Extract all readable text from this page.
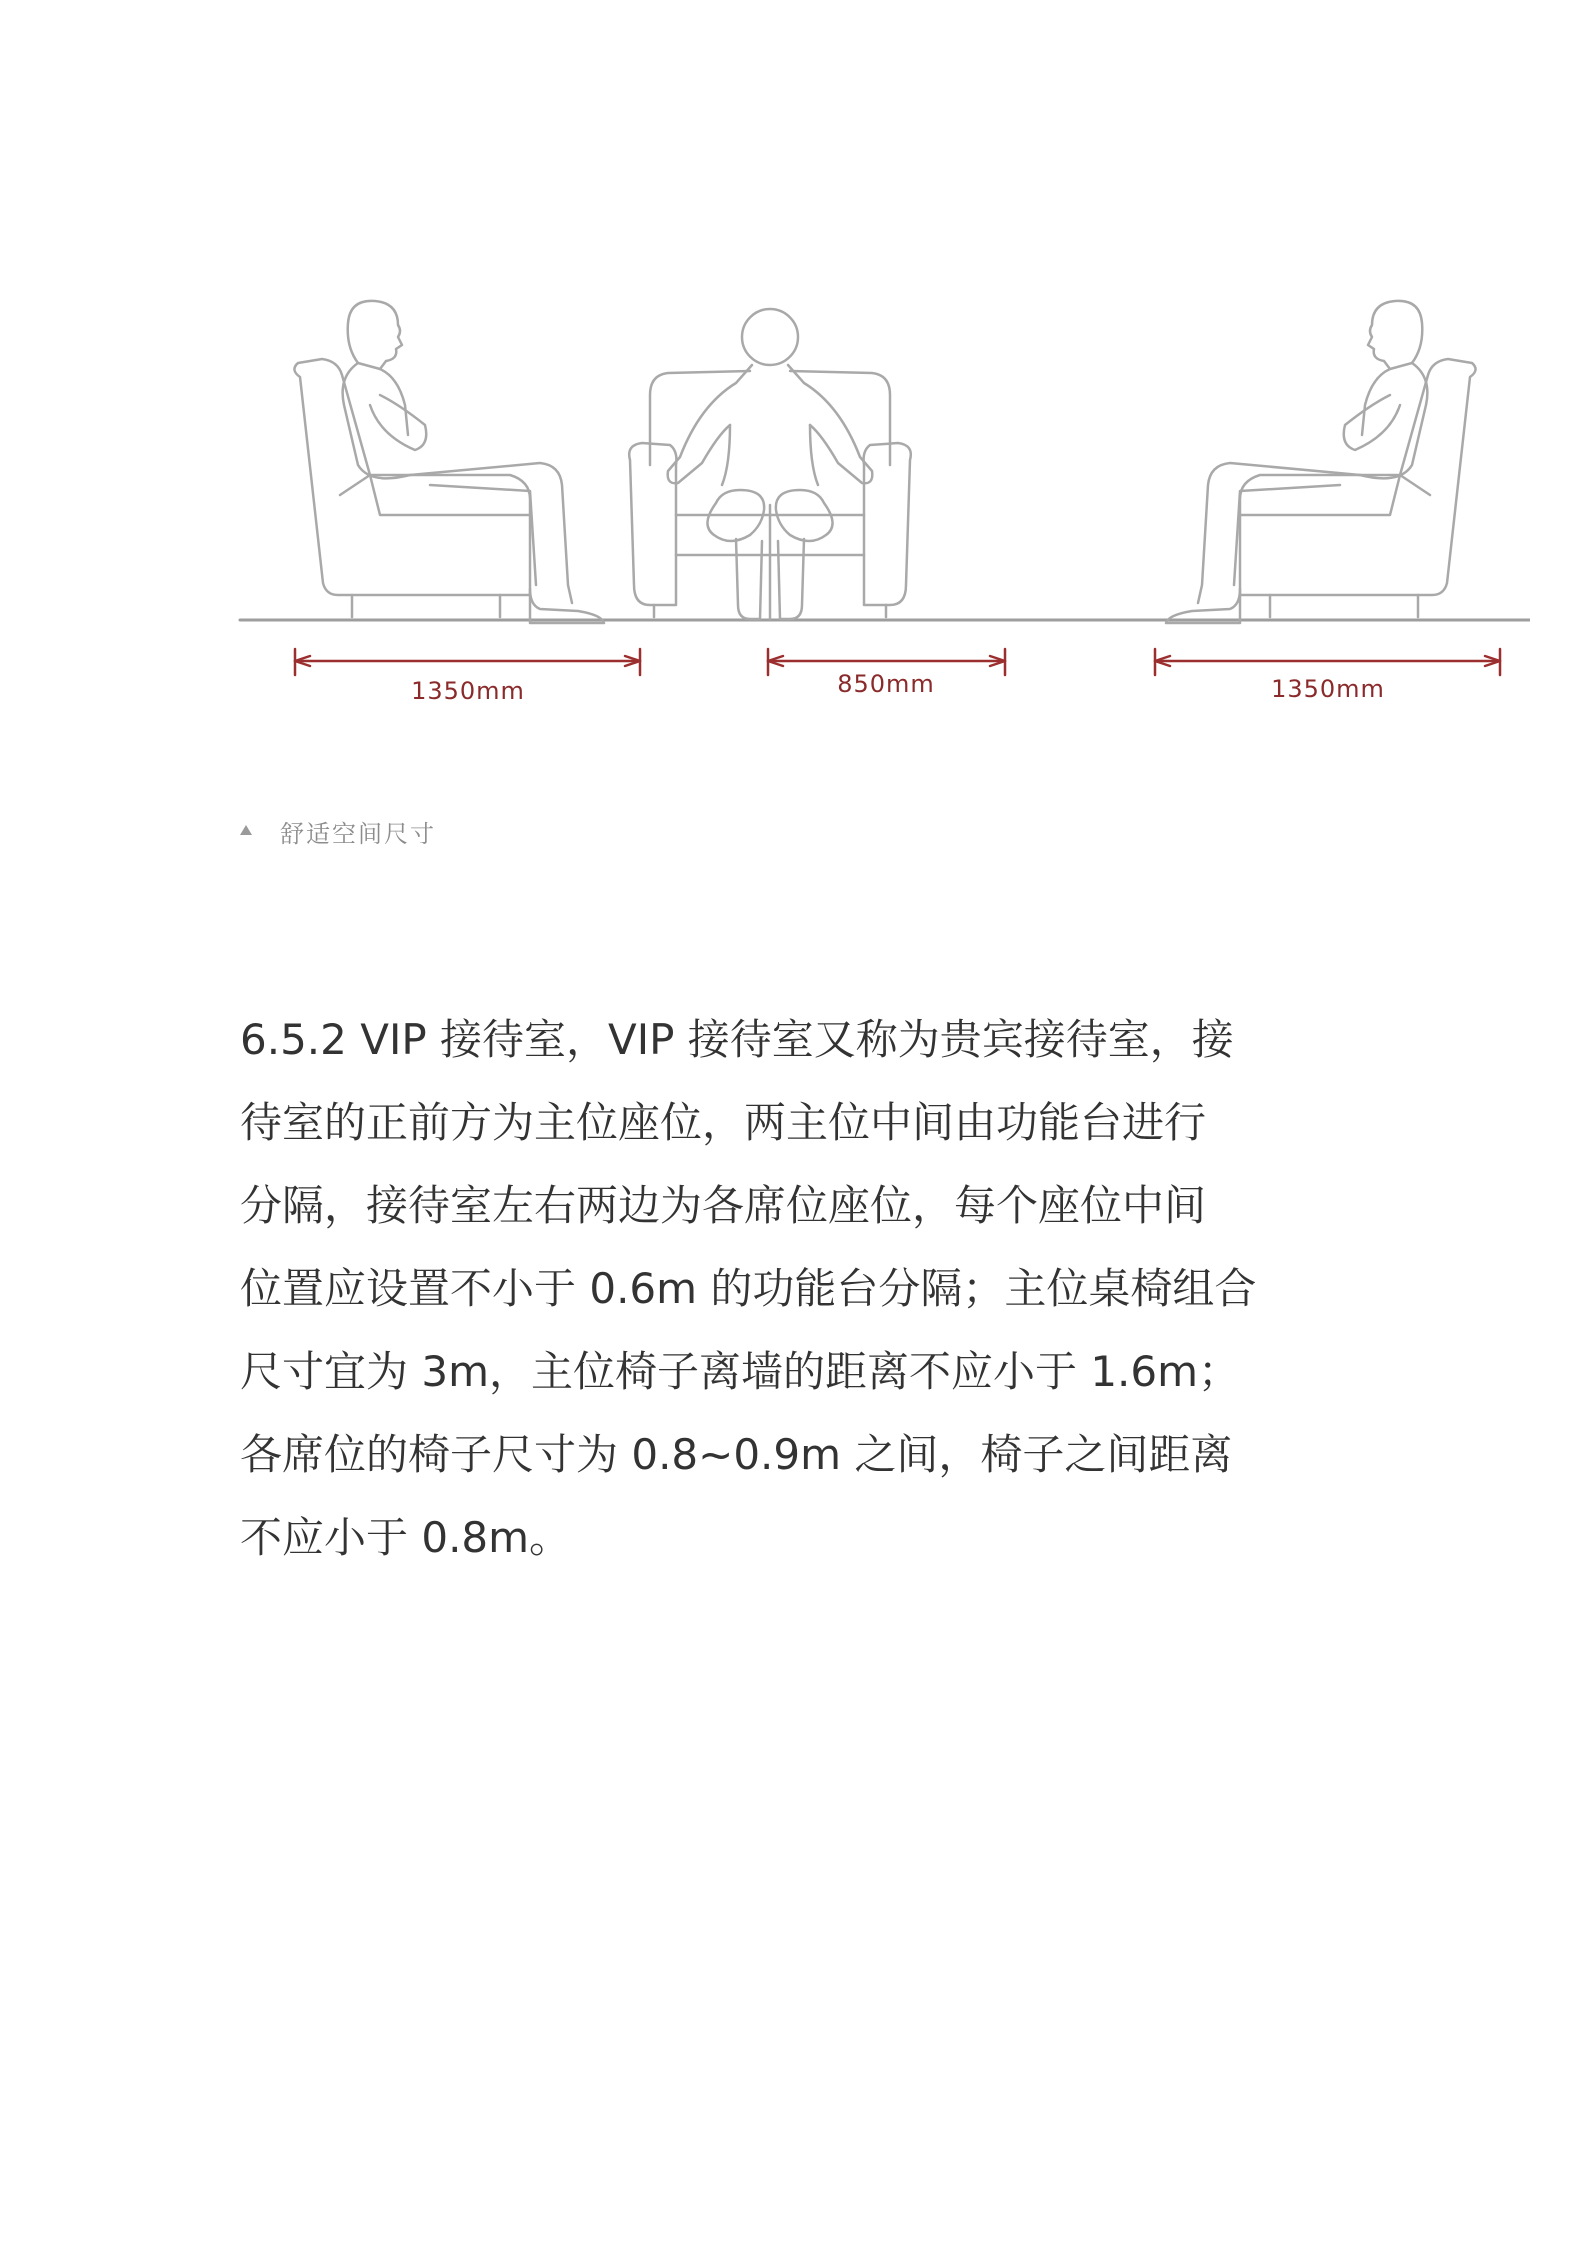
1350mm	850mm	1350mm
舒适空间尺寸

6.5.2 VIP 接待室，VIP 接待室又称为贵宾接待室，接
待室的正前方为主位座位，两主位中间由功能台进行
分隔，接待室左右两边为各席位座位，每个座位中间
位置应设置不小于 0.6m 的功能台分隔；主位桌椅组合
尺寸宜为 3m，主位椅子离墙的距离不应小于 1.6m；
各席位的椅子尺寸为 0.8~0.9m 之间，椅子之间距离
不应小于 0.8m。
